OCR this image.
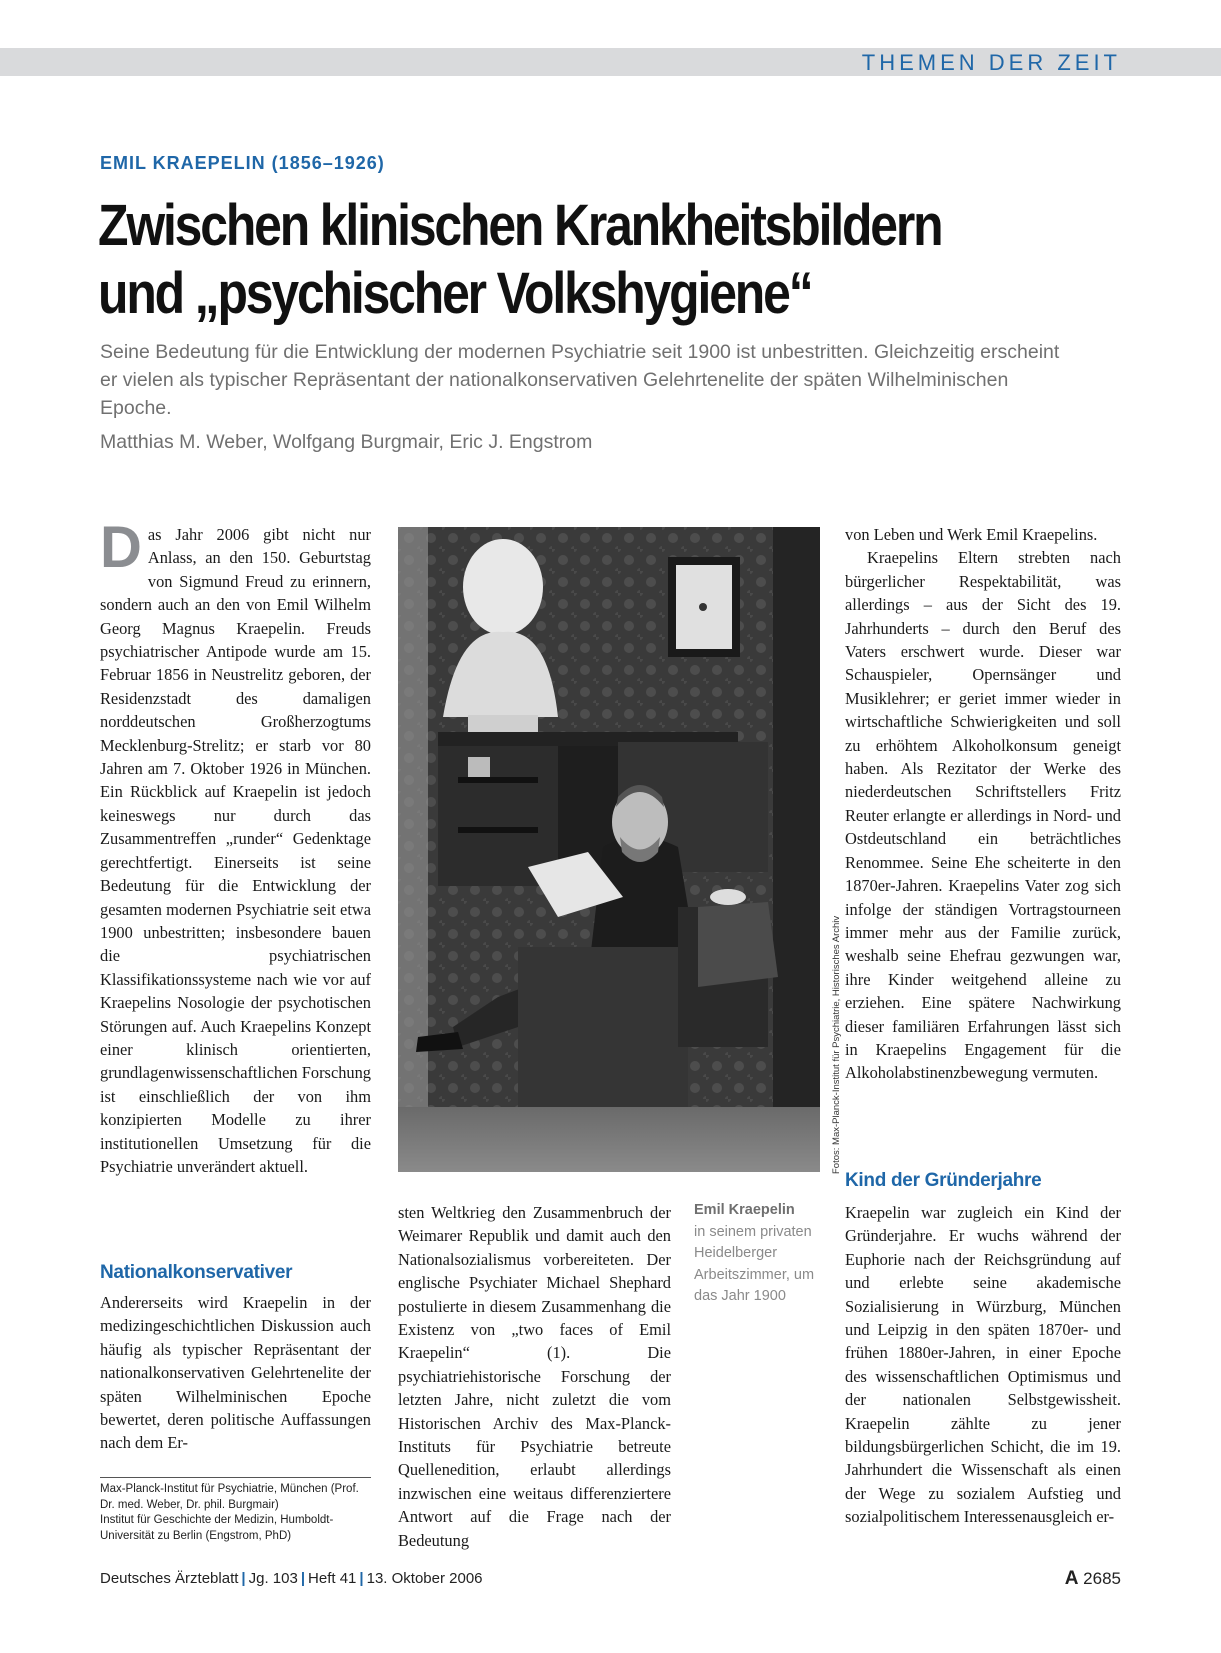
THEMEN DER ZEIT
EMIL KRAEPELIN (1856–1926)
Zwischen klinischen Krankheitsbildern
und „psychischer Volkshygiene“
Seine Bedeutung für die Entwicklung der modernen Psychiatrie seit 1900 ist unbestritten. Gleichzeitig erscheint er vielen als typischer Repräsentant der nationalkonservativen Gelehrtenelite der späten Wilhelminischen Epoche.
Matthias M. Weber, Wolfgang Burgmair, Eric J. Engstrom

Das Jahr 2006 gibt nicht nur Anlass, an den 150. Geburtstag von Sigmund Freud zu erinnern, sondern auch an den von Emil Wilhelm Georg Magnus Kraepelin. Freuds psychiatrischer Antipode wurde am 15. Februar 1856 in Neustrelitz geboren, der Residenzstadt des damaligen norddeutschen Großherzogtums Mecklenburg-Strelitz; er starb vor 80 Jahren am 7. Oktober 1926 in München. Ein Rückblick auf Kraepelin ist jedoch keineswegs nur durch das Zusammentreffen „runder“ Gedenktage gerechtfertigt. Einerseits ist seine Bedeutung für die Entwicklung der gesamten modernen Psychiatrie seit etwa 1900 unbestritten; insbesondere bauen die psychiatrischen Klassifikationssysteme nach wie vor auf Kraepelins Nosologie der psychotischen Störungen auf. Auch Kraepelins Konzept einer klinisch orientierten, grundlagenwissenschaftlichen Forschung ist einschließlich der von ihm konzipierten Modelle zu ihrer institutionellen Umsetzung für die Psychiatrie unverändert aktuell.

Nationalkonservativer

Andererseits wird Kraepelin in der medizingeschichtlichen Diskussion auch häufig als typischer Repräsentant der nationalkonservativen Gelehrtenelite der späten Wilhelminischen Epoche bewertet, deren politische Auffassungen nach dem Er-

Fotos: Max-Planck-Institut für Psychiatrie, Historisches Archiv

sten Weltkrieg den Zusammenbruch der Weimarer Republik und damit auch den Nationalsozialismus vorbereiteten. Der englische Psychiater Michael Shephard postulierte in diesem Zusammenhang die Existenz von „two faces of Emil Kraepelin“ (1). Die psychiatriehistorische Forschung der letzten Jahre, nicht zuletzt die vom Historischen Archiv des Max-Planck-Instituts für Psychiatrie betreute Quellenedition, erlaubt allerdings inzwischen eine weitaus differenziertere Antwort auf die Frage nach der Bedeutung

Emil Kraepelin
in seinem privaten Heidelberger Arbeitszimmer, um das Jahr 1900

von Leben und Werk Emil Kraepelins.

Kraepelins Eltern strebten nach bürgerlicher Respektabilität, was allerdings – aus der Sicht des 19. Jahrhunderts – durch den Beruf des Vaters erschwert wurde. Dieser war Schauspieler, Opernsänger und Musiklehrer; er geriet immer wieder in wirtschaftliche Schwierigkeiten und soll zu erhöhtem Alkoholkonsum geneigt haben. Als Rezitator der Werke des niederdeutschen Schriftstellers Fritz Reuter erlangte er allerdings in Nord- und Ostdeutschland ein beträchtliches Renommee. Seine Ehe scheiterte in den 1870er-Jahren. Kraepelins Vater zog sich infolge der ständigen Vortragstourneen immer mehr aus der Familie zurück, weshalb seine Ehefrau gezwungen war, ihre Kinder weitgehend alleine zu erziehen. Eine spätere Nachwirkung dieser familiären Erfahrungen lässt sich in Kraepelins Engagement für die Alkoholabstinenzbewegung vermuten.

Kind der Gründerjahre

Kraepelin war zugleich ein Kind der Gründerjahre. Er wuchs während der Euphorie nach der Reichsgründung auf und erlebte seine akademische Sozialisierung in Würzburg, München und Leipzig in den späten 1870er- und frühen 1880er-Jahren, in einer Epoche des wissenschaftlichen Optimismus und der nationalen Selbstgewissheit. Kraepelin zählte zu jener bildungsbürgerlichen Schicht, die im 19. Jahrhundert die Wissenschaft als einen der Wege zu sozialem Aufstieg und sozialpolitischem Interessenausgleich er-

Max-Planck-Institut für Psychiatrie, München (Prof. Dr. med. Weber, Dr. phil. Burgmair)
Institut für Geschichte der Medizin, Humboldt-Universität zu Berlin (Engstrom, PhD)
Deutsches Ärzteblatt | Jg. 103 | Heft 41 | 13. Oktober 2006	A 2685
